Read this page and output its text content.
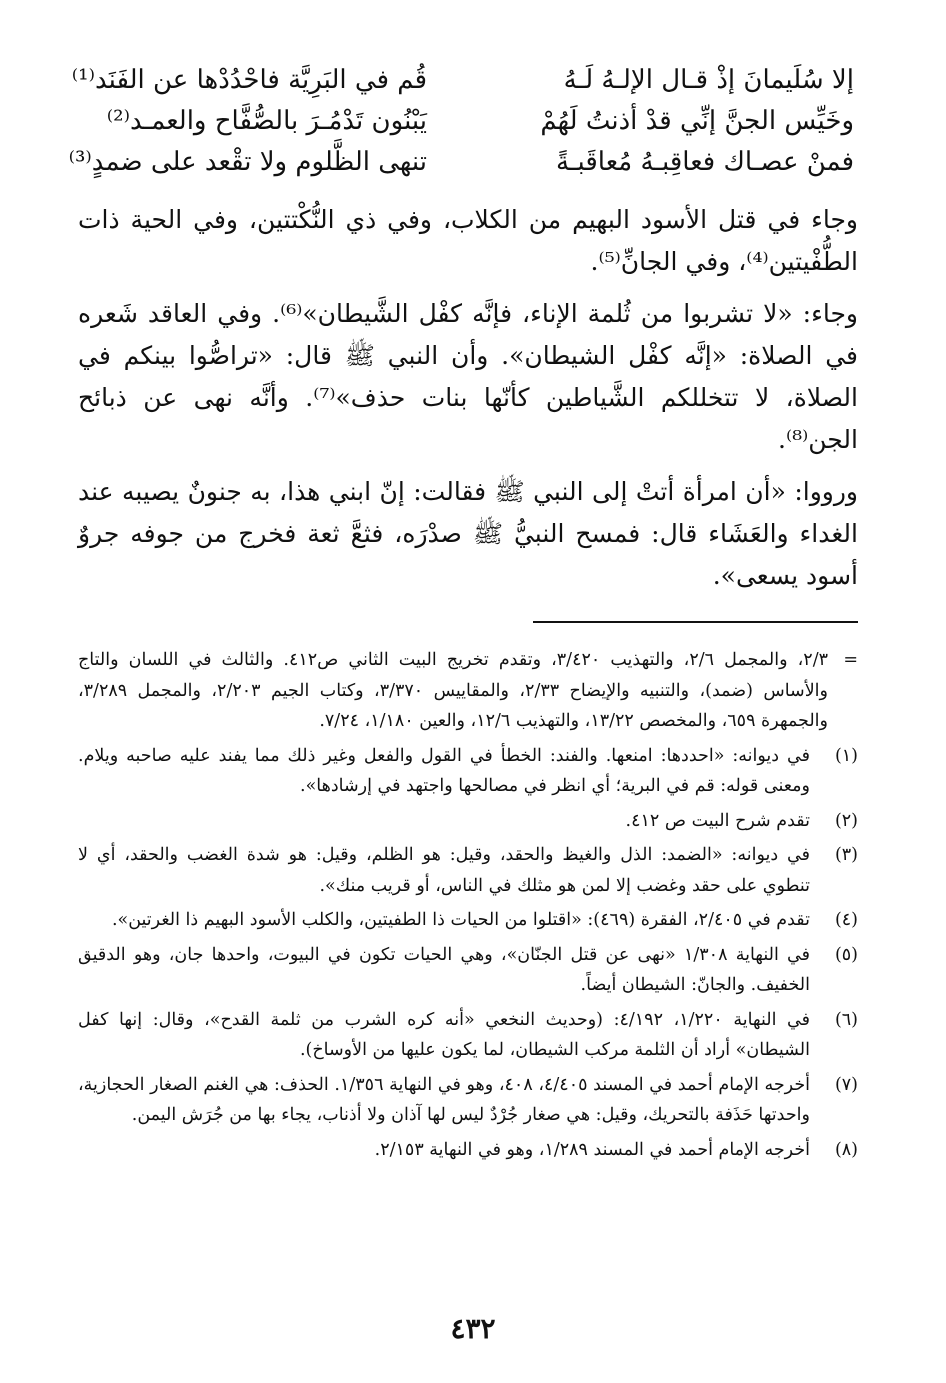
إلا سُلَيمانَ إذْ قـال الإلـهُ لَـهُ
قُم في البَرِيَّة فاحْدُدْها عن الفَنَد⁽¹⁾
وخَيِّس الجنَّ إنِّي قدْ أذنتُ لَهُمْ
يَبْنُون تَدْمُـرَ بالصُّفَّاح والعمـد⁽²⁾
فمنْ عصـاك فعاقِبـهُ مُعاقَبـةً
تنهى الظَّلوم ولا تقْعد على ضمدٍ⁽³⁾

وجاء في قتل الأسود البهيم من الكلاب، وفي ذي النُّكْتتين، وفي الحية ذات الطُّفْيتين⁽⁴⁾، وفي الجانِّ⁽⁵⁾.

وجاء: «لا تشربوا من ثُلمة الإناء، فإنَّه كفْل الشَّيطان»⁽⁶⁾. وفي العاقد شَعره في الصلاة: «إنَّه كفْل الشيطان». وأن النبي ﷺ قال: «تراصُّوا بينكم في الصلاة، لا تتخللكم الشَّياطين كأنّها بنات حذف»⁽⁷⁾. وأنَّه نهى عن ذبائح الجن⁽⁸⁾.

ورووا: «أن امرأة أتتْ إلى النبي ﷺ فقالت: إنّ ابني هذا، به جنونٌ يصيبه عند الغداء والعَشَاء قال: فمسح النبيُّ ﷺ صدْرَه، فثعَّ ثعة فخرج من جوفه جروٌ أسود يسعى».

=
٢/٣، والمجمل ٢/٦، والتهذيب ٣/٤٢٠، وتقدم تخريج البيت الثاني ص٤١٢. والثالث في اللسان والتاج والأساس (ضمد)، والتنبيه والإيضاح ٢/٣٣، والمقاييس ٣/٣٧٠، وكتاب الجيم ٢/٢٠٣، والمجمل ٣/٢٨٩، والجمهرة ٦٥٩، والمخصص ١٣/٢٢، والتهذيب ١٢/٦، والعين ١/١٨٠، ٧/٢٤.
(١)
في ديوانه: «احددها: امنعها. والفند: الخطأ في القول والفعل وغير ذلك مما يفند عليه صاحبه ويلام. ومعنى قوله: قم في البرية؛ أي انظر في مصالحها واجتهد في إرشادها».
(٢)
تقدم شرح البيت ص ٤١٢.
(٣)
في ديوانه: «الضمد: الذل والغيظ والحقد، وقيل: هو الظلم، وقيل: هو شدة الغضب والحقد، أي لا تنطوي على حقد وغضب إلا لمن هو مثلك في الناس، أو قريب منك».
(٤)
تقدم في ٢/٤٠٥، الفقرة (٤٦٩): «اقتلوا من الحيات ذا الطفيتين، والكلب الأسود البهيم ذا الغرتين».
(٥)
في النهاية ١/٣٠٨ «نهى عن قتل الجنّان»، وهي الحيات تكون في البيوت، واحدها جان، وهو الدقيق الخفيف. والجانّ: الشيطان أيضاً.
(٦)
في النهاية ١/٢٢٠، ٤/١٩٢: (وحديث النخعي «أنه كره الشرب من ثلمة القدح»، وقال: إنها كفل الشيطان» أراد أن الثلمة مركب الشيطان، لما يكون عليها من الأوساخ).
(٧)
أخرجه الإمام أحمد في المسند ٤/٤٠٥، ٤٠٨، وهو في النهاية ١/٣٥٦. الحذف: هي الغنم الصغار الحجازية، واحدتها حَذَفة بالتحريك، وقيل: هي صغار جُرْدٌ ليس لها آذان ولا أذناب، يجاء بها من جُرَش اليمن.
(٨)
أخرجه الإمام أحمد في المسند ١/٢٨٩، وهو في النهاية ٢/١٥٣.
٤٣٢
